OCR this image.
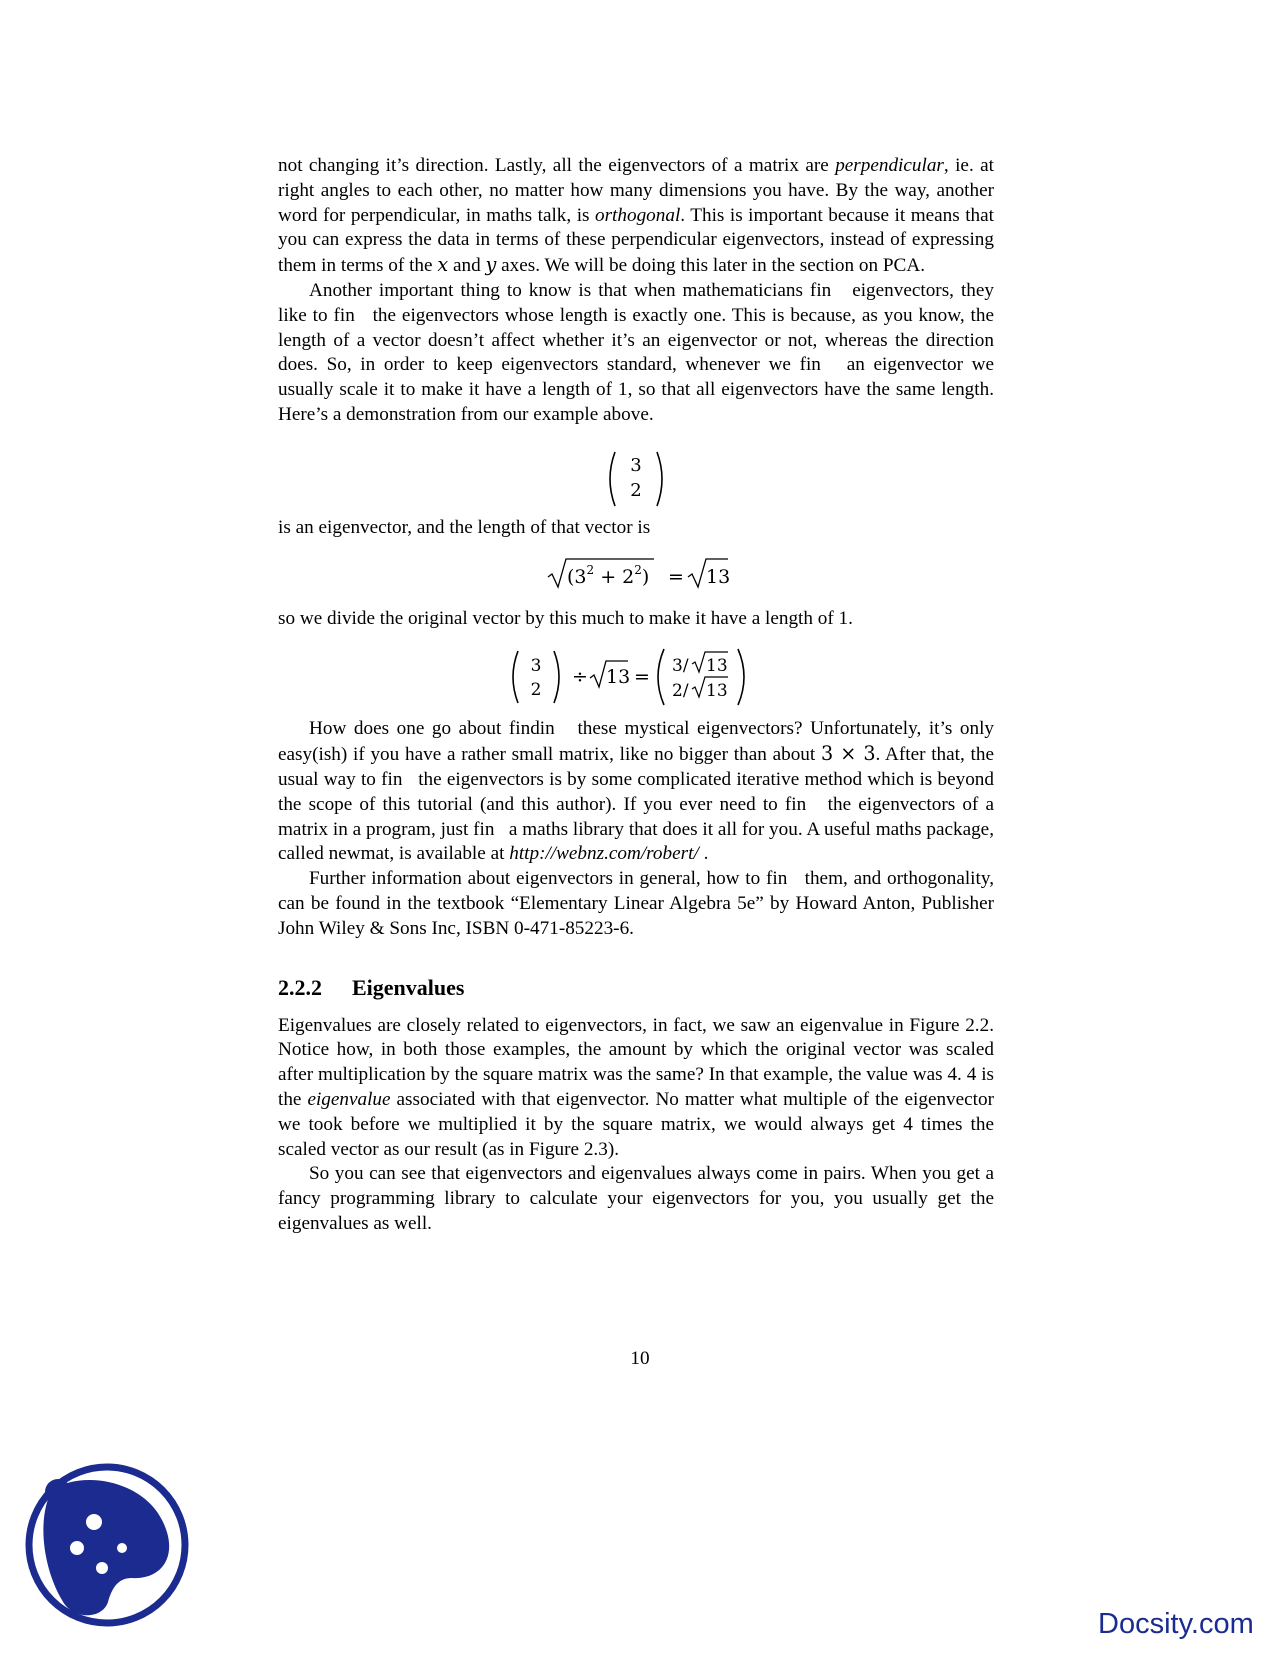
not changing it’s direction. Lastly, all the eigenvectors of a matrix are perpendicular, ie. at right angles to each other, no matter how many dimensions you have. By the way, another word for perpendicular, in maths talk, is orthogonal. This is important because it means that you can express the data in terms of these perpendicular eigenvectors, instead of expressing them in terms of the x and y axes. We will be doing this later in the section on PCA.

Another important thing to know is that when mathematicians fin   eigenvectors, they like to fin   the eigenvectors whose length is exactly one. This is because, as you know, the length of a vector doesn’t affect whether it’s an eigenvector or not, whereas the direction does. So, in order to keep eigenvectors standard, whenever we fin   an eigenvector we usually scale it to make it have a length of 1, so that all eigenvectors have the same length. Here’s a demonstration from our example above.

3
2

is an eigenvector, and the length of that vector is

$(3^2 + 2^2) = 13$

so we divide the original vector by this much to make it have a length of 1.

3
2
÷ 13 = 3/ 13
2/ 13

How does one go about findin   these mystical eigenvectors? Unfortunately, it’s only easy(ish) if you have a rather small matrix, like no bigger than about 3 × 3. After that, the usual way to fin   the eigenvectors is by some complicated iterative method which is beyond the scope of this tutorial (and this author). If you ever need to fin   the eigenvectors of a matrix in a program, just fin   a maths library that does it all for you. A useful maths package, called newmat, is available at http://webnz.com/robert/ .

Further information about eigenvectors in general, how to fin   them, and orthogonality, can be found in the textbook “Elementary Linear Algebra 5e” by Howard Anton, Publisher John Wiley & Sons Inc, ISBN 0-471-85223-6.

2.2.2 Eigenvalues

Eigenvalues are closely related to eigenvectors, in fact, we saw an eigenvalue in Figure 2.2. Notice how, in both those examples, the amount by which the original vector was scaled after multiplication by the square matrix was the same? In that example, the value was 4. 4 is the eigenvalue associated with that eigenvector. No matter what multiple of the eigenvector we took before we multiplied it by the square matrix, we would always get 4 times the scaled vector as our result (as in Figure 2.3).

So you can see that eigenvectors and eigenvalues always come in pairs. When you get a fancy programming library to calculate your eigenvectors for you, you usually get the eigenvalues as well.

10
Docsity.com
